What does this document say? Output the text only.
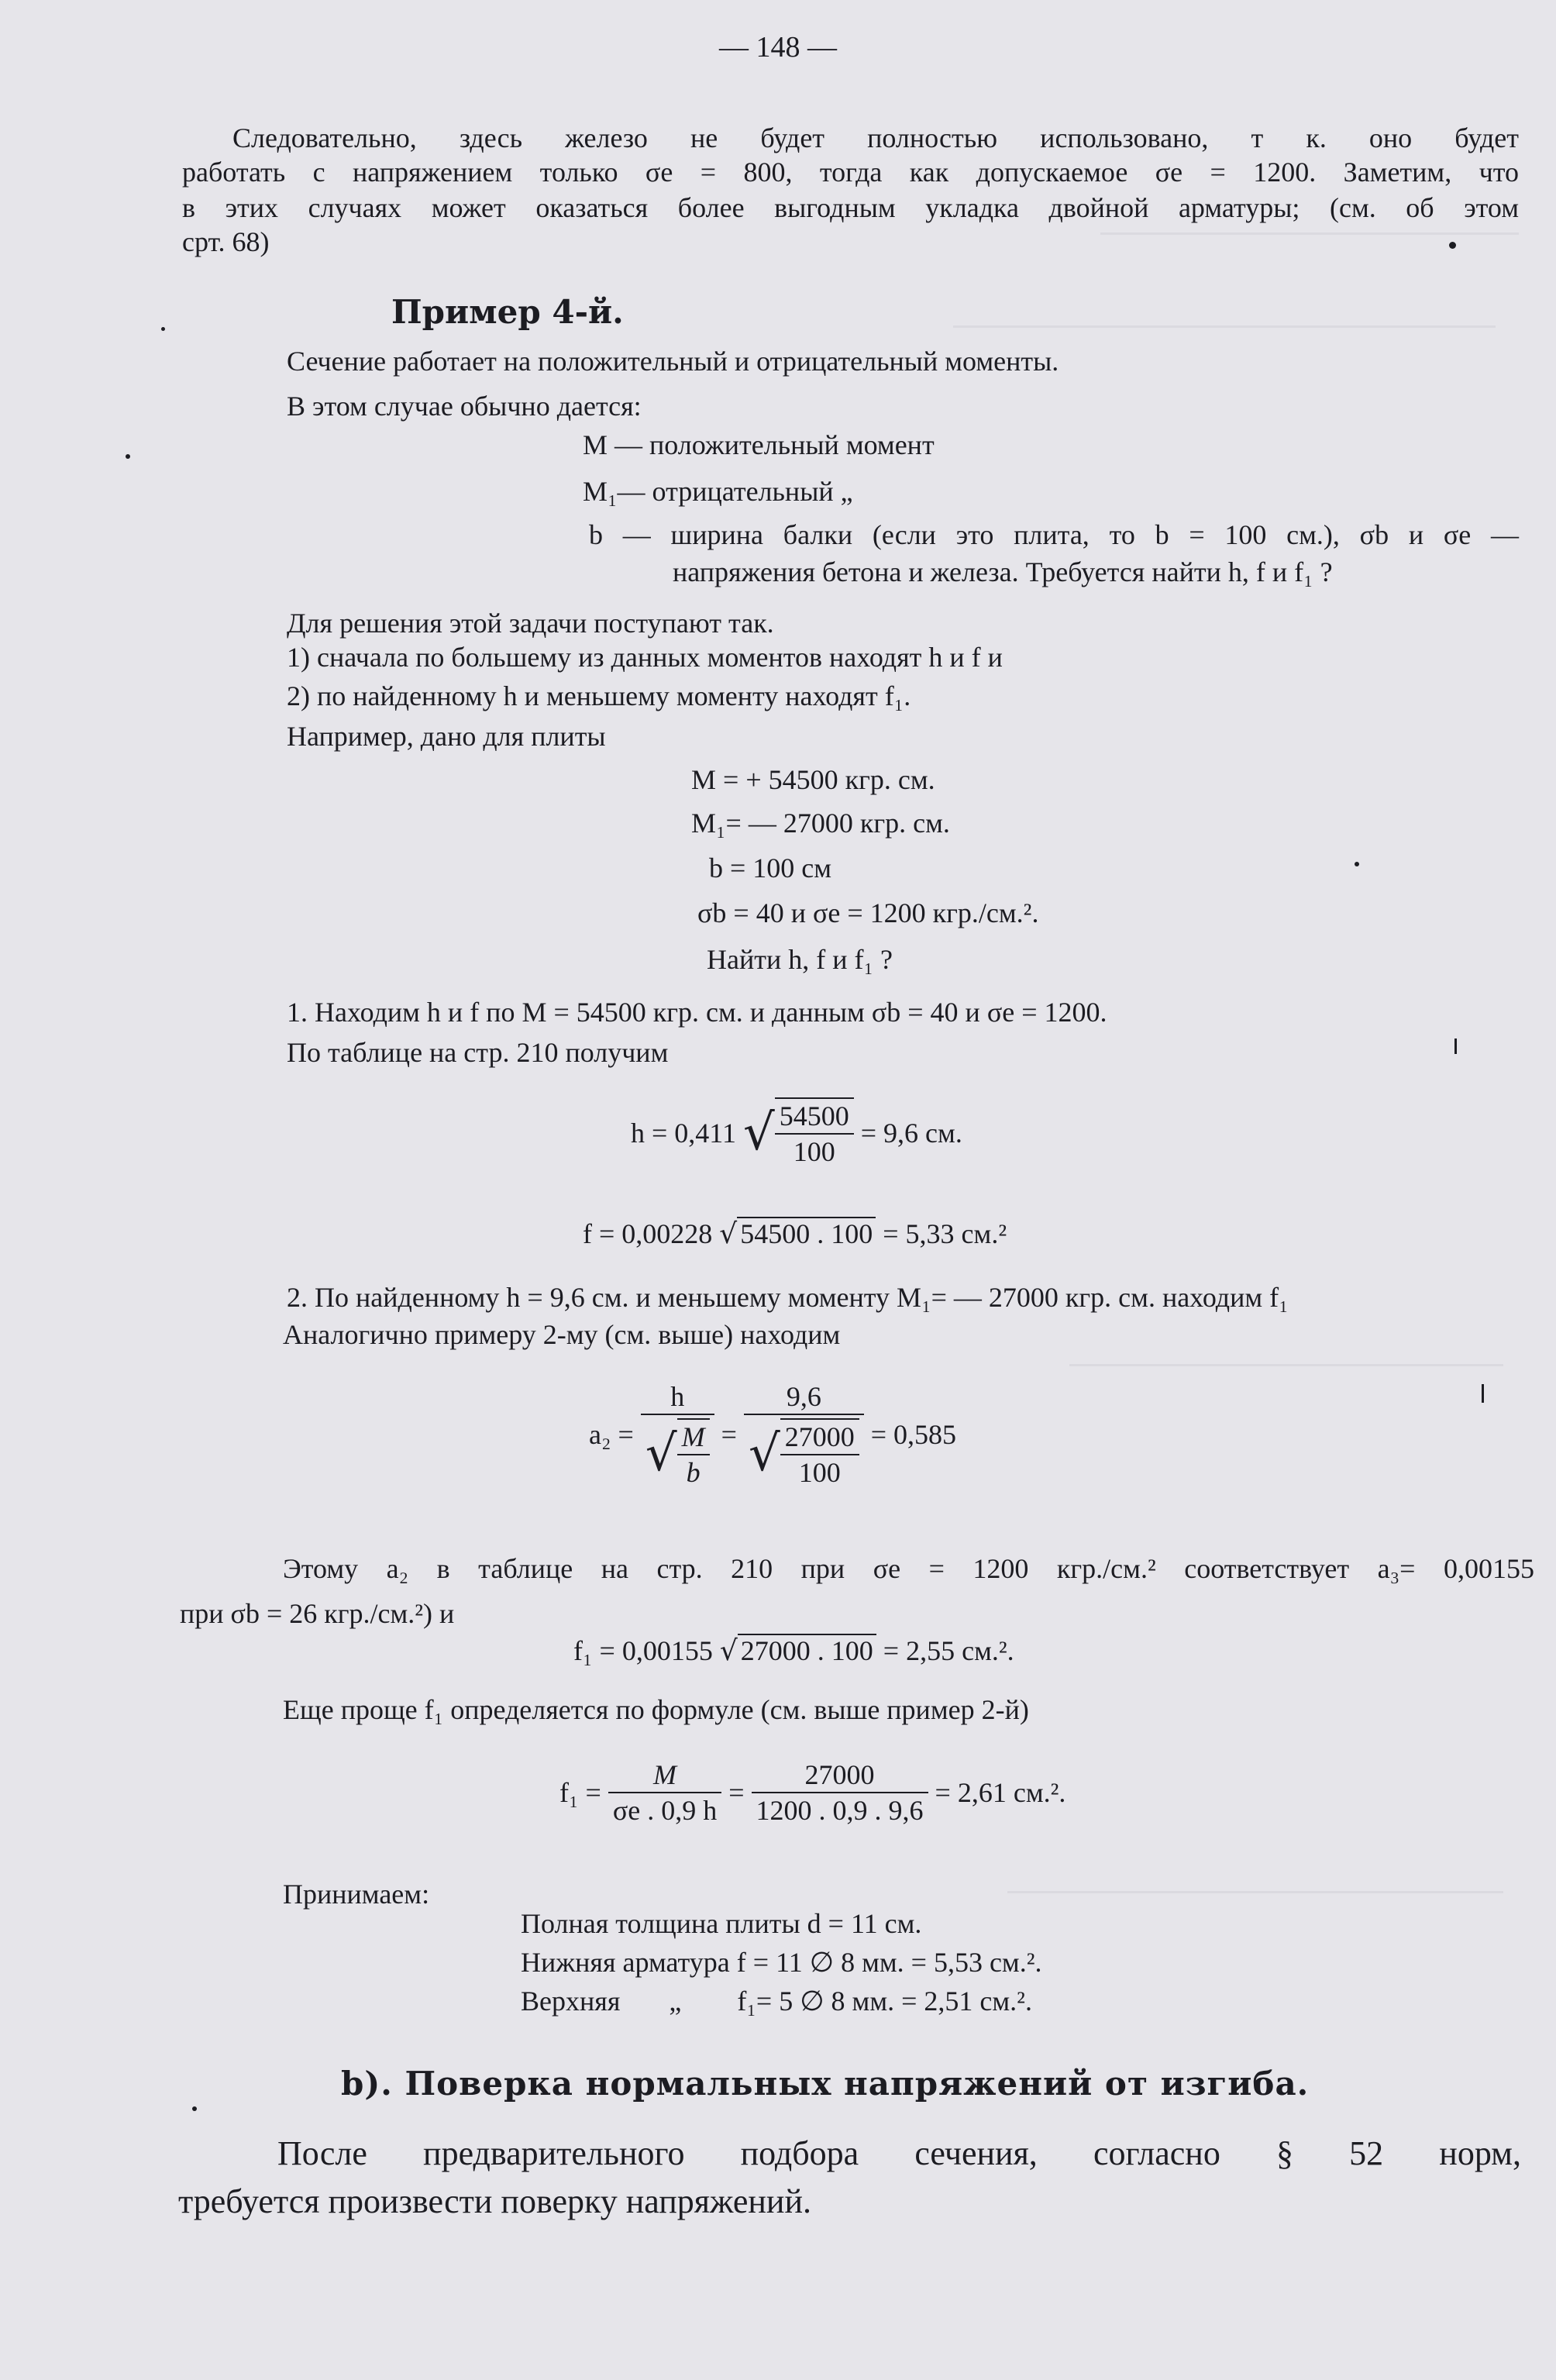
— 148 —
Следовательно, здесь железо не будет полностью использовано, т к. оно будет
работать с напряжением только σe = 800, тогда как допускаемое σe = 1200. Заметим, что
в этих случаях может оказаться более выгодным укладка двойной арматуры; (см. об этом
срт. 68)
Пример 4-й.
Сечение работает на положительный и отрицательный моменты.
В этом случае обычно дается:
M — положительный момент
M₁— отрицательный „
b — ширина балки (если это плита, то b = 100 см.), σb и σe —
напряжения бетона и железа. Требуется найти h, f и f₁ ?
Для решения этой задачи поступают так.
1) сначала по большему из данных моментов находят h и f и
2) по найденному h и меньшему моменту находят f₁.
Например, дано для плиты
M = + 54500 кгр. см.
M₁= — 27000 кгр. см.
b = 100 см
σb = 40 и σe = 1200 кгр./см.².
Найти h, f и f₁ ?
1. Находим h и f по M = 54500 кгр. см. и данным σb = 40 и σe = 1200.
По таблице на стр. 210 получим
h = 0,411 √ $\frac{54500}{100} = 9,6$ см.
f = 0,00228 √ 54500 . 100 = 5,33 см.²
2. По найденному h = 9,6 см. и меньшему моменту M₁= — 27000 кгр. см. находим f₁
Аналогично примеру 2-му (см. выше) находим
$a_2 = \frac{h}{√ \frac{M}{b}} = \frac{9,6}{√ \frac{27000}{100}} = 0,585$
Этому a₂ в таблице на стр. 210 при σe = 1200 кгр./см.² соответствует a₃= 0,00155
при σb = 26 кгр./см.²) и
f₁ = 0,00155 √ 27000 . 100 = 2,55 см.².
Еще проще f₁ определяется по формуле (см. выше пример 2-й)
$f_1 = \frac{M}{\sigma e . 0,9 h} = \frac{27000}{1200 . 0,9 . 9,6} = 2,61$ см.².
Принимаем:
Полная толщина плиты d = 11 см.
Нижняя арматура f = 11 ∅ 8 мм. = 5,53 см.².
Верхняя       „        f₁= 5 ∅ 8 мм. = 2,51 см.².
b). Поверка нормальных напряжений от изгиба.
После предварительного подбора сечения, согласно § 52 норм,
требуется произвести поверку напряжений.
